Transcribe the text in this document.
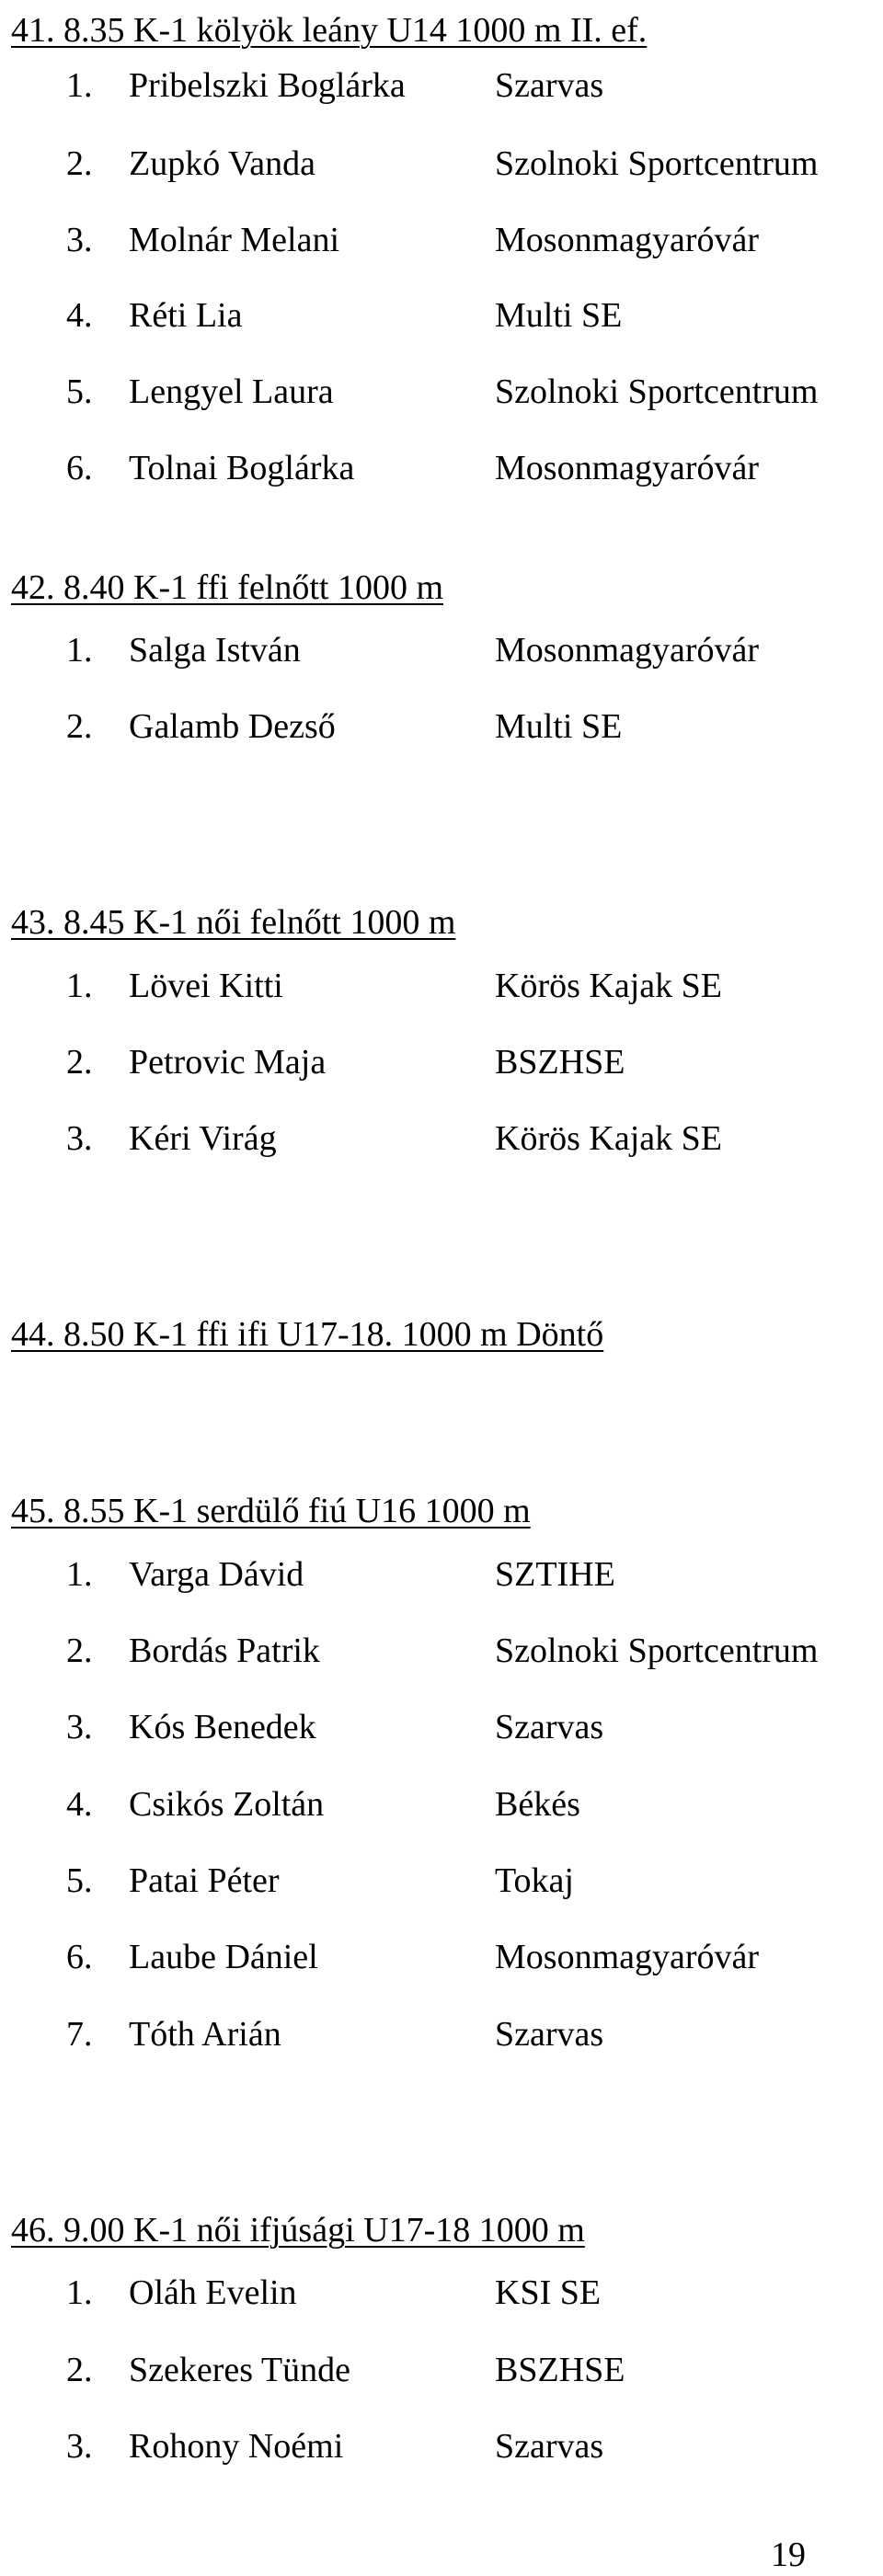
41. 8.35 K-1 kölyök leány U14 1000 m II. ef.
1. Pribelszki Boglárka	Szarvas
2. Zupkó Vanda	Szolnoki Sportcentrum
3. Molnár Melani	Mosonmagyaróvár
4. Réti Lia	Multi SE
5. Lengyel Laura	Szolnoki Sportcentrum
6. Tolnai Boglárka	Mosonmagyaróvár
42. 8.40 K-1 ffi felnőtt 1000 m
1. Salga István	Mosonmagyaróvár
2. Galamb Dezső	Multi SE
43. 8.45 K-1 női felnőtt 1000 m
1. Lövei Kitti	Körös Kajak SE
2. Petrovic Maja	BSZHSE
3. Kéri Virág	Körös Kajak SE
44. 8.50 K-1 ffi ifi U17-18. 1000 m Döntő
45. 8.55 K-1 serdülő fiú U16 1000 m
1. Varga Dávid	SZTIHE
2. Bordás Patrik	Szolnoki Sportcentrum
3. Kós Benedek	Szarvas
4. Csikós Zoltán	Békés
5. Patai Péter	Tokaj
6. Laube Dániel	Mosonmagyaróvár
7. Tóth Arián	Szarvas
46. 9.00 K-1 női ifjúsági U17-18 1000 m
1. Oláh Evelin	KSI SE
2. Szekeres Tünde	BSZHSE
3. Rohony Noémi	Szarvas
19
